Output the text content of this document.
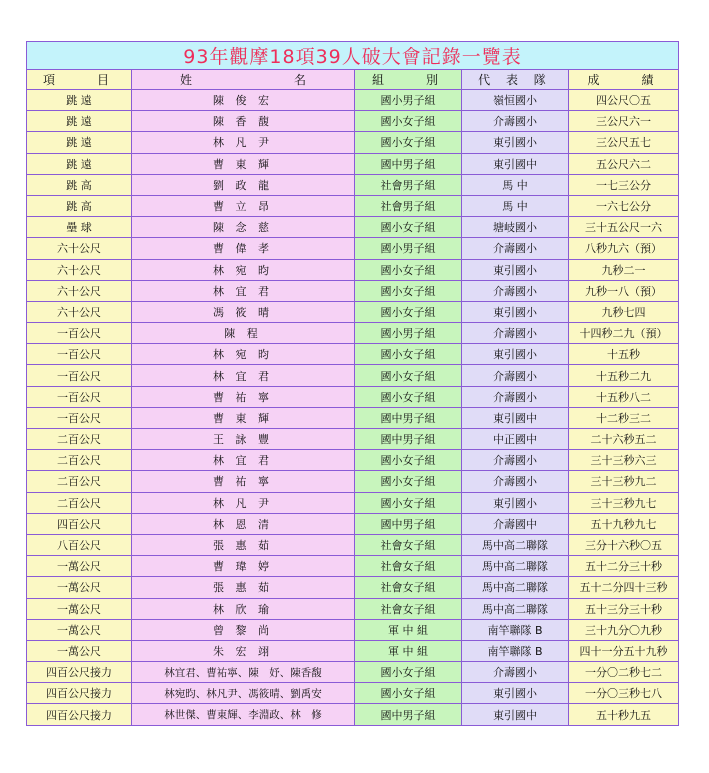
93年觀摩18項39人破大會記錄一覽表				
項　　目	姓 名	組　　別	代 表 隊	成　　績
跳 遠	陳 俊 宏	國小男子組	嶺恒國小	四公尺〇五
跳 遠	陳 香 馥	國小女子組	介壽國小	三公尺六一
跳 遠	林 凡 尹	國小女子組	東引國小	三公尺五七
跳 遠	曹 東 輝	國中男子組	東引國中	五公尺六二
跳 高	劉 政 龍	社會男子組	馬 中	一七三公分
跳 高	曹 立 昂	社會男子組	馬 中	一六七公分
壘 球	陳 念 慈	國小女子組	塘岐國小	三十五公尺一六
六十公尺	曹 偉 孝	國小男子組	介壽國小	八秒九六（預）
六十公尺	林 宛 昀	國小女子組	東引國小	九秒二一
六十公尺	林 宜 君	國小女子組	介壽國小	九秒一八（預）
六十公尺	馮 筱 晴	國小女子組	東引國小	九秒七四
一百公尺	陳 程	國小男子組	介壽國小	十四秒二九（預）
一百公尺	林 宛 昀	國小女子組	東引國小	十五秒
一百公尺	林 宜 君	國小女子組	介壽國小	十五秒二九
一百公尺	曹 祐 寧	國小女子組	介壽國小	十五秒八二
一百公尺	曹 東 輝	國中男子組	東引國中	十二秒三二
二百公尺	王 詠 豐	國中男子組	中正國中	二十六秒五二
二百公尺	林 宜 君	國小女子組	介壽國小	三十三秒六三
二百公尺	曹 祐 寧	國小女子組	介壽國小	三十三秒九二
二百公尺	林 凡 尹	國小女子組	東引國小	三十三秒九七
四百公尺	林 恩 清	國中男子組	介壽國中	五十九秒九七
八百公尺	張 惠 茹	社會女子組	馬中高二聯隊	三分十六秒〇五
一萬公尺	曹 瑋 婷	社會女子組	馬中高二聯隊	五十二分三十秒
一萬公尺	張 惠 茹	社會女子組	馬中高二聯隊	五十二分四十三秒
一萬公尺	林 欣 瑜	社會女子組	馬中高二聯隊	五十三分三十秒
一萬公尺	曾 黎 尚	軍 中 組	南竿聯隊 B	三十九分〇九秒
一萬公尺	朱 宏 翊	軍 中 組	南竿聯隊 B	四十一分五十九秒
四百公尺接力	林宜君、曹祐寧、陳　妤、陳香馥	國小女子組	介壽國小	一分〇二秒七二
四百公尺接力	林宛昀、林凡尹、馮筱晴、劉禹安	國小女子組	東引國小	一分〇三秒七八
四百公尺接力	林世傑、曹東輝、李淵政、林　修	國中男子組	東引國中	五十秒九五
